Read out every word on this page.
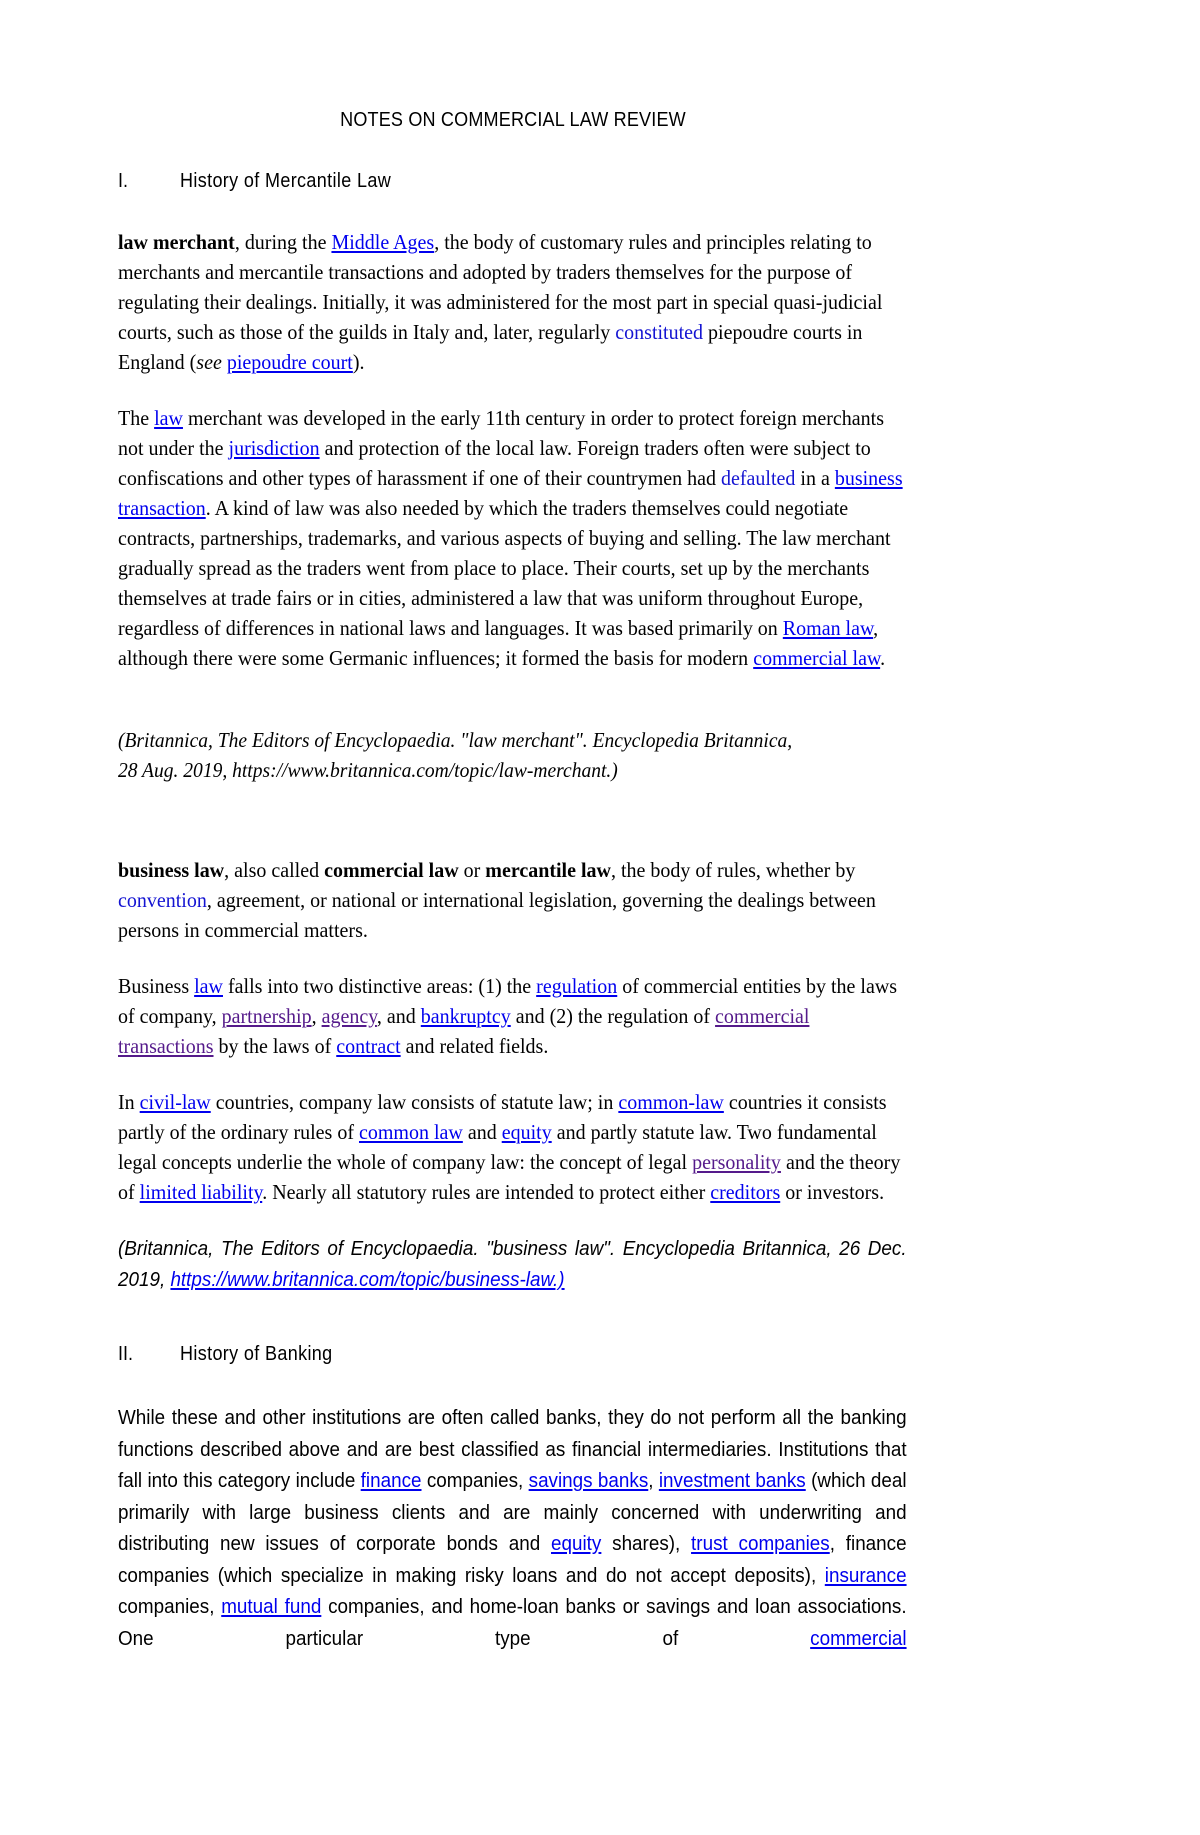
NOTES ON COMMERCIAL LAW REVIEW
I.	History of Mercantile Law

law merchant, during the Middle Ages, the body of customary rules and principles relating to merchants and mercantile transactions and adopted by traders themselves for the purpose of regulating their dealings. Initially, it was administered for the most part in special quasi-judicial courts, such as those of the guilds in Italy and, later, regularly constituted piepoudre courts in England (see piepoudre court).

The law merchant was developed in the early 11th century in order to protect foreign merchants not under the jurisdiction and protection of the local law. Foreign traders often were subject to confiscations and other types of harassment if one of their countrymen had defaulted in a business transaction. A kind of law was also needed by which the traders themselves could negotiate contracts, partnerships, trademarks, and various aspects of buying and selling. The law merchant gradually spread as the traders went from place to place. Their courts, set up by the merchants themselves at trade fairs or in cities, administered a law that was uniform throughout Europe, regardless of differences in national laws and languages. It was based primarily on Roman law, although there were some Germanic influences; it formed the basis for modern commercial law.

(Britannica, The Editors of Encyclopaedia. "law merchant". Encyclopedia Britannica,
28 Aug. 2019, https://www.britannica.com/topic/law-merchant.)

business law, also called commercial law or mercantile law, the body of rules, whether by convention, agreement, or national or international legislation, governing the dealings between persons in commercial matters.

Business law falls into two distinctive areas: (1) the regulation of commercial entities by the laws of company, partnership, agency, and bankruptcy and (2) the regulation of commercial transactions by the laws of contract and related fields.

In civil-law countries, company law consists of statute law; in common-law countries it consists partly of the ordinary rules of common law and equity and partly statute law. Two fundamental legal concepts underlie the whole of company law: the concept of legal personality and the theory of limited liability. Nearly all statutory rules are intended to protect either creditors or investors.

(Britannica, The Editors of Encyclopaedia. "business law". Encyclopedia Britannica, 26 Dec. 2019, https://www.britannica.com/topic/business-law.)

II. History of Banking

While these and other institutions are often called banks, they do not perform all the banking functions described above and are best classified as financial intermediaries. Institutions that fall into this category include finance companies, savings banks, investment banks (which deal primarily with large business clients and are mainly concerned with underwriting and distributing new issues of corporate bonds and equity shares), trust companies, finance companies (which specialize in making risky loans and do not accept deposits), insurance companies, mutual fund companies, and home-loan banks or savings and loan associations. One particular type of commercial
